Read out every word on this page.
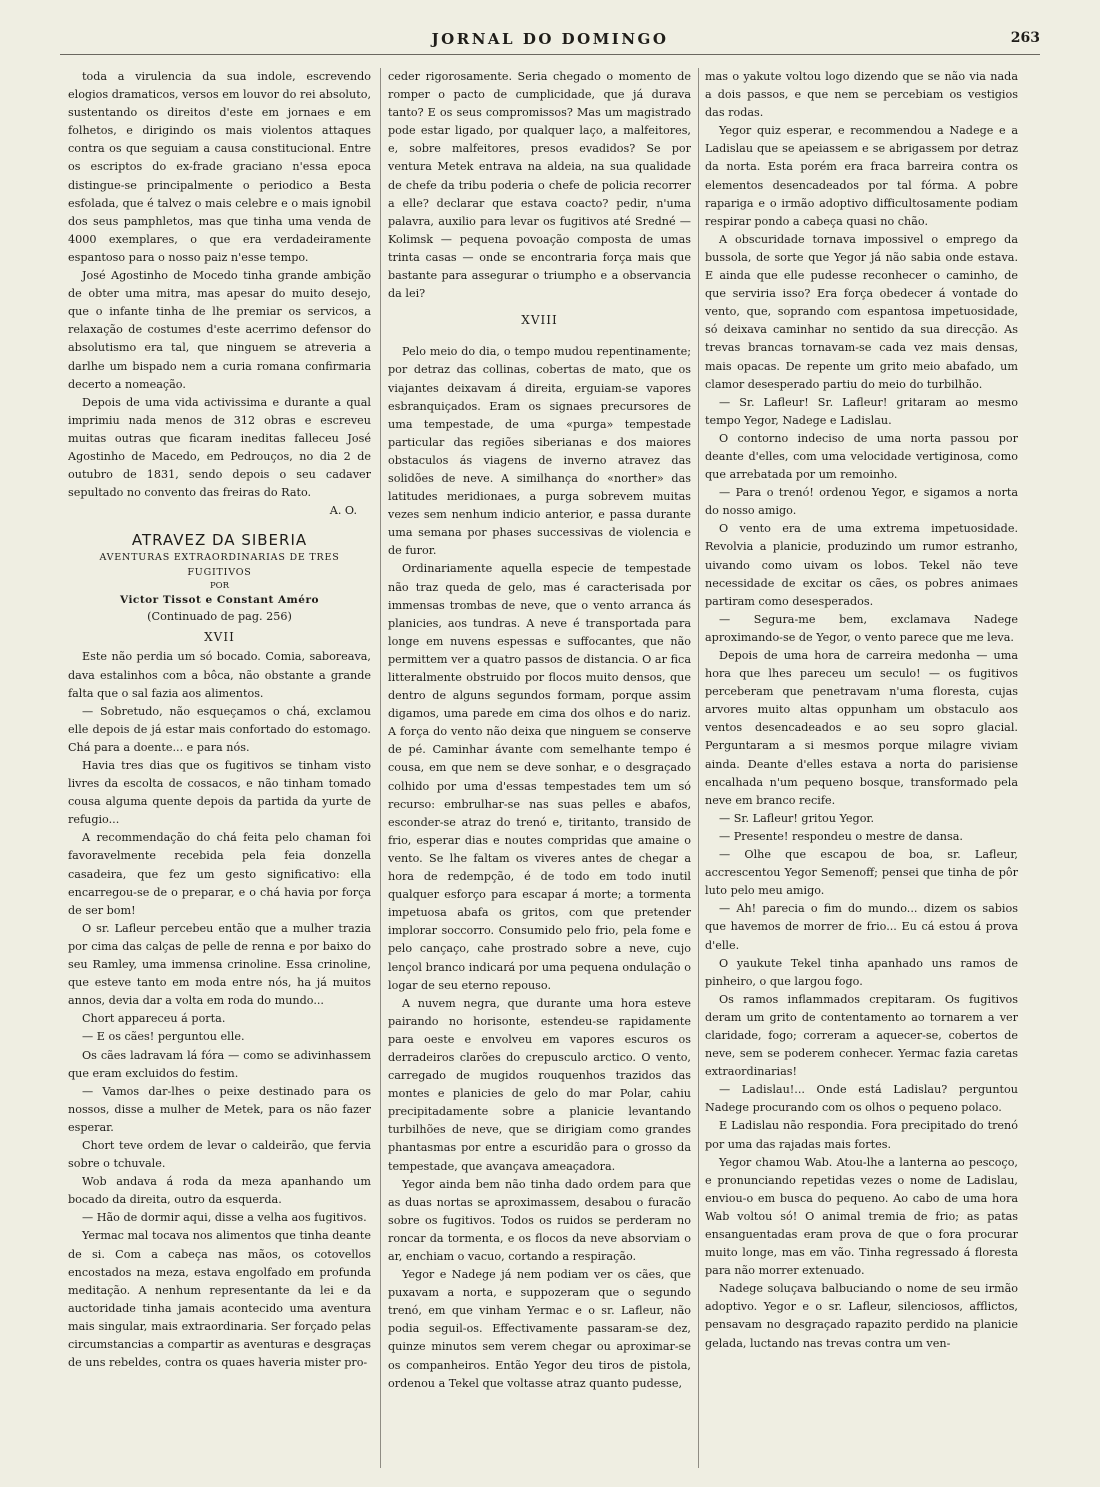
JORNAL DO DOMINGO	263

toda a virulencia da sua indole, escrevendo elogios dramaticos, versos em louvor do rei absoluto, sustentando os direitos d'este em jornaes e em folhetos, e dirigindo os mais violentos attaques contra os que seguiam a causa constitucional. Entre os escriptos do ex-frade graciano n'essa epoca distingue-se principalmente o periodico a Besta esfolada, que é talvez o mais celebre e o mais ignobil dos seus pamphletos, mas que tinha uma venda de 4000 exemplares, o que era verdadeiramente espantoso para o nosso paiz n'esse tempo.

José Agostinho de Mocedo tinha grande ambição de obter uma mitra, mas apesar do muito desejo, que o infante tinha de lhe premiar os servicos, a relaxação de costumes d'este acerrimo defensor do absolutismo era tal, que ninguem se atreveria a darlhe um bispado nem a curia romana confirmaria decerto a nomeação.

Depois de uma vida activissima e durante a qual imprimiu nada menos de 312 obras e escreveu muitas outras que ficaram ineditas falleceu José Agostinho de Macedo, em Pedrouços, no dia 2 de outubro de 1831, sendo depois o seu cadaver sepultado no convento das freiras do Rato.

A. O.

ATRAVEZ DA SIBERIA

AVENTURAS EXTRAORDINARIAS DE TRES FUGITIVOS

POR

Victor Tissot e Constant Améro

(Continuado de pag. 256)

XVII

Este não perdia um só bocado. Comia, saboreava, dava estalinhos com a bôca, não obstante a grande falta que o sal fazia aos alimentos.

— Sobretudo, não esqueçamos o chá, exclamou elle depois de já estar mais confortado do estomago. Chá para a doente... e para nós.

Havia tres dias que os fugitivos se tinham visto livres da escolta de cossacos, e não tinham tomado cousa alguma quente depois da partida da yurte de refugio...

A recommendação do chá feita pelo chaman foi favoravelmente recebida pela feia donzella casadeira, que fez um gesto significativo: ella encarregou-se de o preparar, e o chá havia por força de ser bom!

O sr. Lafleur percebeu então que a mulher trazia por cima das calças de pelle de renna e por baixo do seu Ramley, uma immensa crinoline. Essa crinoline, que esteve tanto em moda entre nós, ha já muitos annos, devia dar a volta em roda do mundo...

Chort appareceu á porta.

— E os cães! perguntou elle.

Os cães ladravam lá fóra — como se adivinhassem que eram excluidos do festim.

— Vamos dar-lhes o peixe destinado para os nossos, disse a mulher de Metek, para os não fazer esperar.

Chort teve ordem de levar o caldeirão, que fervia sobre o tchuvale.

Wob andava á roda da meza apanhando um bocado da direita, outro da esquerda.

— Hão de dormir aqui, disse a velha aos fugitivos.

Yermac mal tocava nos alimentos que tinha deante de si. Com a cabeça nas mãos, os cotovellos encostados na meza, estava engolfado em profunda meditação. A nenhum representante da lei e da auctoridade tinha jamais acontecido uma aventura mais singular, mais extraordinaria. Ser forçado pelas circumstancias a compartir as aventuras e desgraças de uns rebeldes, contra os quaes haveria mister pro-

ceder rigorosamente. Seria chegado o momento de romper o pacto de cumplicidade, que já durava tanto? E os seus compromissos? Mas um magistrado pode estar ligado, por qualquer laço, a malfeitores, e, sobre malfeitores, presos evadidos? Se por ventura Metek entrava na aldeia, na sua qualidade de chefe da tribu poderia o chefe de policia recorrer a elle? declarar que estava coacto? pedir, n'uma palavra, auxilio para levar os fugitivos até Sredné — Kolimsk — pequena povoação composta de umas trinta casas — onde se encontraria força mais que bastante para assegurar o triumpho e a observancia da lei?

XVIII

Pelo meio do dia, o tempo mudou repentinamente; por detraz das collinas, cobertas de mato, que os viajantes deixavam á direita, erguiam-se vapores esbranquiçados. Eram os signaes precursores de uma tempestade, de uma «purga» tempestade particular das regiões siberianas e dos maiores obstaculos ás viagens de inverno atravez das solidões de neve. A similhança do «norther» das latitudes meridionaes, a purga sobrevem muitas vezes sem nenhum indicio anterior, e passa durante uma semana por phases successivas de violencia e de furor.

Ordinariamente aquella especie de tempestade não traz queda de gelo, mas é caracterisada por immensas trombas de neve, que o vento arranca ás planicies, aos tundras. A neve é transportada para longe em nuvens espessas e suffocantes, que não permittem ver a quatro passos de distancia. O ar fica litteralmente obstruido por flocos muito densos, que dentro de alguns segundos formam, porque assim digamos, uma parede em cima dos olhos e do nariz. A força do vento não deixa que ninguem se conserve de pé. Caminhar ávante com semelhante tempo é cousa, em que nem se deve sonhar, e o desgraçado colhido por uma d'essas tempestades tem um só recurso: embrulhar-se nas suas pelles e abafos, esconder-se atraz do trenó e, tiritanto, transido de frio, esperar dias e noutes compridas que amaine o vento. Se lhe faltam os viveres antes de chegar a hora de redempção, é de todo em todo inutil qualquer esforço para escapar á morte; a tormenta impetuosa abafa os gritos, com que pretender implorar soccorro. Consumido pelo frio, pela fome e pelo cançaço, cahe prostrado sobre a neve, cujo lençol branco indicará por uma pequena ondulação o logar de seu eterno repouso.

A nuvem negra, que durante uma hora esteve pairando no horisonte, estendeu-se rapidamente para oeste e envolveu em vapores escuros os derradeiros clarões do crepusculo arctico. O vento, carregado de mugidos rouquenhos trazidos das montes e planicies de gelo do mar Polar, cahiu precipitadamente sobre a planicie levantando turbilhões de neve, que se dirigiam como grandes phantasmas por entre a escuridão para o grosso da tempestade, que avançava ameaçadora.

Yegor ainda bem não tinha dado ordem para que as duas nortas se aproximassem, desabou o furacão sobre os fugitivos. Todos os ruidos se perderam no roncar da tormenta, e os flocos da neve absorviam o ar, enchiam o vacuo, cortando a respiração.

Yegor e Nadege já nem podiam ver os cães, que puxavam a norta, e suppozeram que o segundo trenó, em que vinham Yermac e o sr. Lafleur, não podia seguil-os. Effectivamente passaram-se dez, quinze minutos sem verem chegar ou aproximar-se os companheiros. Então Yegor deu tiros de pistola, ordenou a Tekel que voltasse atraz quanto pudesse,

mas o yakute voltou logo dizendo que se não via nada a dois passos, e que nem se percebiam os vestigios das rodas.

Yegor quiz esperar, e recommendou a Nadege e a Ladislau que se apeiassem e se abrigassem por detraz da norta. Esta porém era fraca barreira contra os elementos desencadeados por tal fórma. A pobre rapariga e o irmão adoptivo difficultosamente podiam respirar pondo a cabeça quasi no chão.

A obscuridade tornava impossivel o emprego da bussola, de sorte que Yegor já não sabia onde estava. E ainda que elle pudesse reconhecer o caminho, de que serviria isso? Era força obedecer á vontade do vento, que, soprando com espantosa impetuosidade, só deixava caminhar no sentido da sua direcção. As trevas brancas tornavam-se cada vez mais densas, mais opacas. De repente um grito meio abafado, um clamor desesperado partiu do meio do turbilhão.

— Sr. Lafleur! Sr. Lafleur! gritaram ao mesmo tempo Yegor, Nadege e Ladislau.

O contorno indeciso de uma norta passou por deante d'elles, com uma velocidade vertiginosa, como que arrebatada por um remoinho.

— Para o trenó! ordenou Yegor, e sigamos a norta do nosso amigo.

O vento era de uma extrema impetuosidade. Revolvia a planicie, produzindo um rumor estranho, uivando como uivam os lobos. Tekel não teve necessidade de excitar os cães, os pobres animaes partiram como desesperados.

— Segura-me bem, exclamava Nadege aproximando-se de Yegor, o vento parece que me leva.

Depois de uma hora de carreira medonha — uma hora que lhes pareceu um seculo! — os fugitivos perceberam que penetravam n'uma floresta, cujas arvores muito altas oppunham um obstaculo aos ventos desencadeados e ao seu sopro glacial. Perguntaram a si mesmos porque milagre viviam ainda. Deante d'elles estava a norta do parisiense encalhada n'um pequeno bosque, transformado pela neve em branco recife.

— Sr. Lafleur! gritou Yegor.

— Presente! respondeu o mestre de dansa.

— Olhe que escapou de boa, sr. Lafleur, accrescentou Yegor Semenoff; pensei que tinha de pôr luto pelo meu amigo.

— Ah! parecia o fim do mundo... dizem os sabios que havemos de morrer de frio... Eu cá estou á prova d'elle.

O yaukute Tekel tinha apanhado uns ramos de pinheiro, o que largou fogo.

Os ramos inflammados crepitaram. Os fugitivos deram um grito de contentamento ao tornarem a ver claridade, fogo; correram a aquecer-se, cobertos de neve, sem se poderem conhecer. Yermac fazia caretas extraordinarias!

— Ladislau!... Onde está Ladislau? perguntou Nadege procurando com os olhos o pequeno polaco.

E Ladislau não respondia. Fora precipitado do trenó por uma das rajadas mais fortes.

Yegor chamou Wab. Atou-lhe a lanterna ao pescoço, e pronunciando repetidas vezes o nome de Ladislau, enviou-o em busca do pequeno. Ao cabo de uma hora Wab voltou só! O animal tremia de frio; as patas ensanguentadas eram prova de que o fora procurar muito longe, mas em vão. Tinha regressado á floresta para não morrer extenuado.

Nadege soluçava balbuciando o nome de seu irmão adoptivo. Yegor e o sr. Lafleur, silenciosos, afflictos, pensavam no desgraçado rapazito perdido na planicie gelada, luctando nas trevas contra um ven-
